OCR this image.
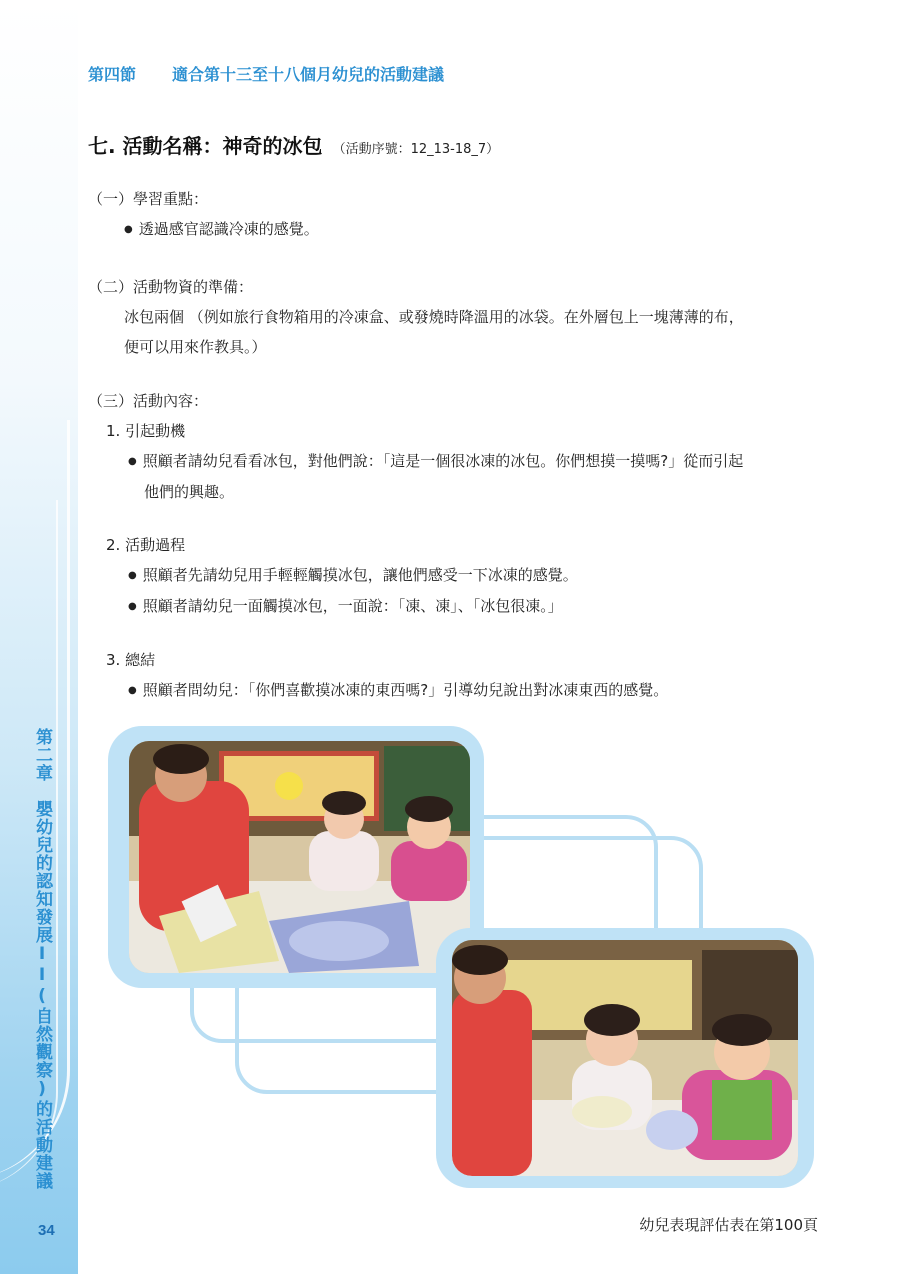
第二章　嬰幼兒的認知發展II(自然觀察)的活動建議
34
第四節 適合第十三至十八個月幼兒的活動建議
七. 活動名稱：神奇的冰包 （活動序號：12_13-18_7）
（一）學習重點：
● 透過感官認識冷凍的感覺。
（二）活動物資的準備：
冰包兩個 （例如旅行食物箱用的冷凍盒、或發燒時降溫用的冰袋。在外層包上一塊薄薄的布，
便可以用來作教具。）
（三）活動內容：
1. 引起動機
● 照顧者請幼兒看看冰包，對他們說：「這是一個很冰凍的冰包。你們想摸一摸嗎?」從而引起
他們的興趣。
2. 活動過程
● 照顧者先請幼兒用手輕輕觸摸冰包，讓他們感受一下冰凍的感覺。
● 照顧者請幼兒一面觸摸冰包，一面說：「凍、凍」、「冰包很凍。」
3. 總結
● 照顧者問幼兒：「你們喜歡摸冰凍的東西嗎?」引導幼兒說出對冰凍東西的感覺。
幼兒表現評估表在第100頁
